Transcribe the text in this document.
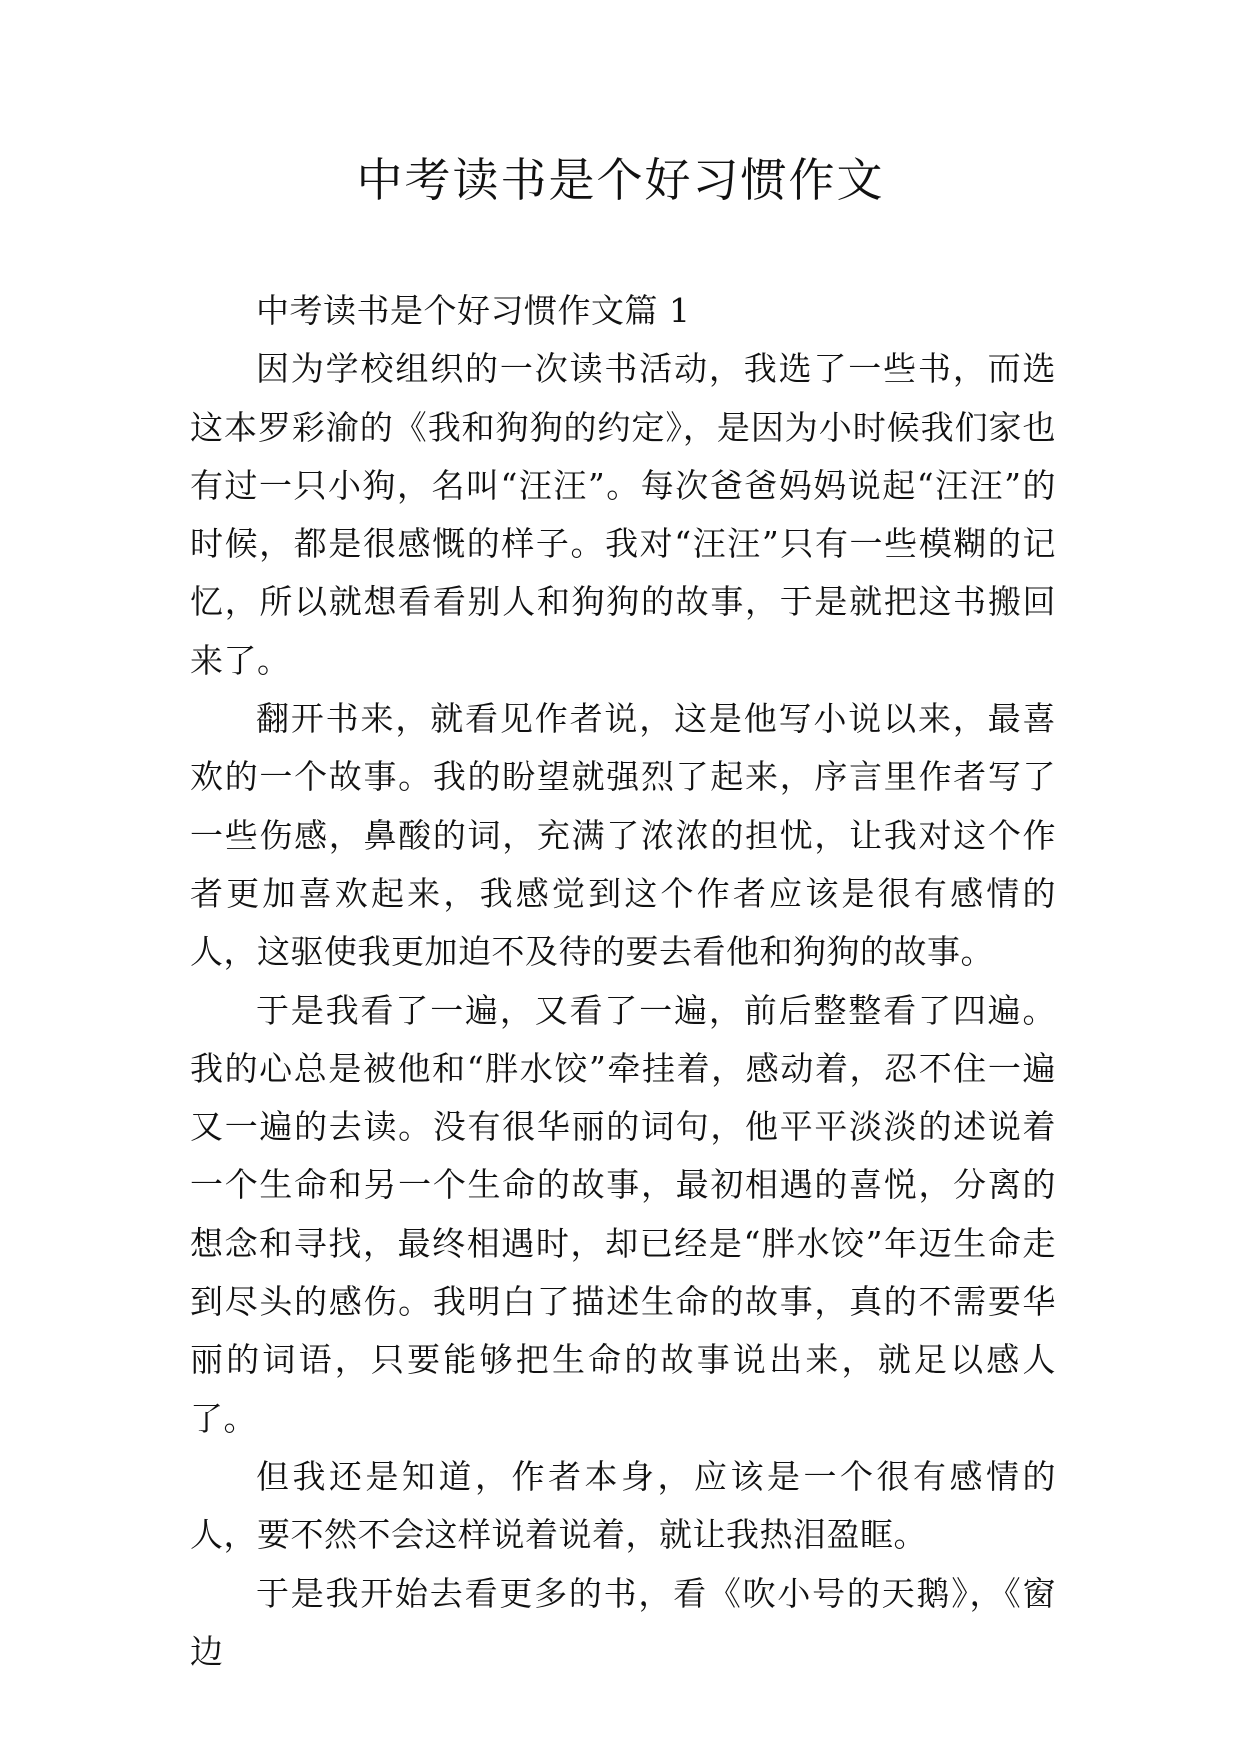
中考读书是个好习惯作文

中考读书是个好习惯作文篇 1

因为学校组织的一次读书活动，我选了一些书，而选这本罗彩渝的《我和狗狗的约定》，是因为小时候我们家也有过一只小狗，名叫“汪汪”。每次爸爸妈妈说起“汪汪”的时候，都是很感慨的样子。我对“汪汪”只有一些模糊的记忆，所以就想看看别人和狗狗的故事，于是就把这书搬回来了。

翻开书来，就看见作者说，这是他写小说以来，最喜欢的一个故事。我的盼望就强烈了起来，序言里作者写了一些伤感，鼻酸的词，充满了浓浓的担忧，让我对这个作者更加喜欢起来，我感觉到这个作者应该是很有感情的人，这驱使我更加迫不及待的要去看他和狗狗的故事。

于是我看了一遍，又看了一遍，前后整整看了四遍。我的心总是被他和“胖水饺”牵挂着，感动着，忍不住一遍又一遍的去读。没有很华丽的词句，他平平淡淡的述说着一个生命和另一个生命的故事，最初相遇的喜悦，分离的想念和寻找，最终相遇时，却已经是“胖水饺”年迈生命走到尽头的感伤。我明白了描述生命的故事，真的不需要华丽的词语，只要能够把生命的故事说出来，就足以感人了。

但我还是知道，作者本身，应该是一个很有感情的人，要不然不会这样说着说着，就让我热泪盈眶。

于是我开始去看更多的书，看《吹小号的天鹅》，《窗边
